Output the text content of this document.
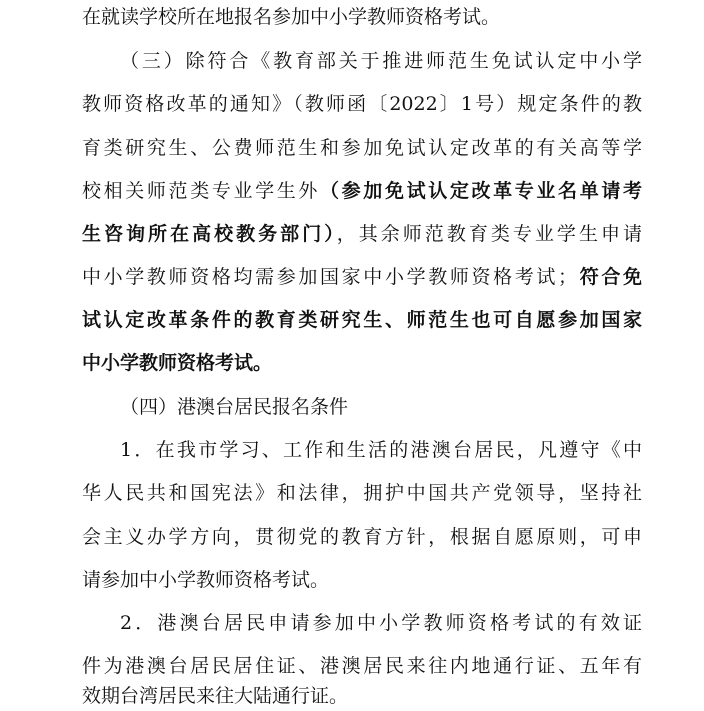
在就读学校所在地报名参加中小学教师资格考试。
（三）除符合《教育部关于推进师范生免试认定中小学
教师资格改革的通知》（教师函〔2022〕1号）规定条件的教
育类研究生、公费师范生和参加免试认定改革的有关高等学
校相关师范类专业学生外（参加免试认定改革专业名单请考
生咨询所在高校教务部门），其余师范教育类专业学生申请
中小学教师资格均需参加国家中小学教师资格考试；符合免
试认定改革条件的教育类研究生、师范生也可自愿参加国家
中小学教师资格考试。
（四）港澳台居民报名条件
1．在我市学习、工作和生活的港澳台居民，凡遵守《中
华人民共和国宪法》和法律，拥护中国共产党领导，坚持社
会主义办学方向，贯彻党的教育方针，根据自愿原则，可申
请参加中小学教师资格考试。
2．港澳台居民申请参加中小学教师资格考试的有效证
件为港澳台居民居住证、港澳居民来往内地通行证、五年有
效期台湾居民来往大陆通行证。
